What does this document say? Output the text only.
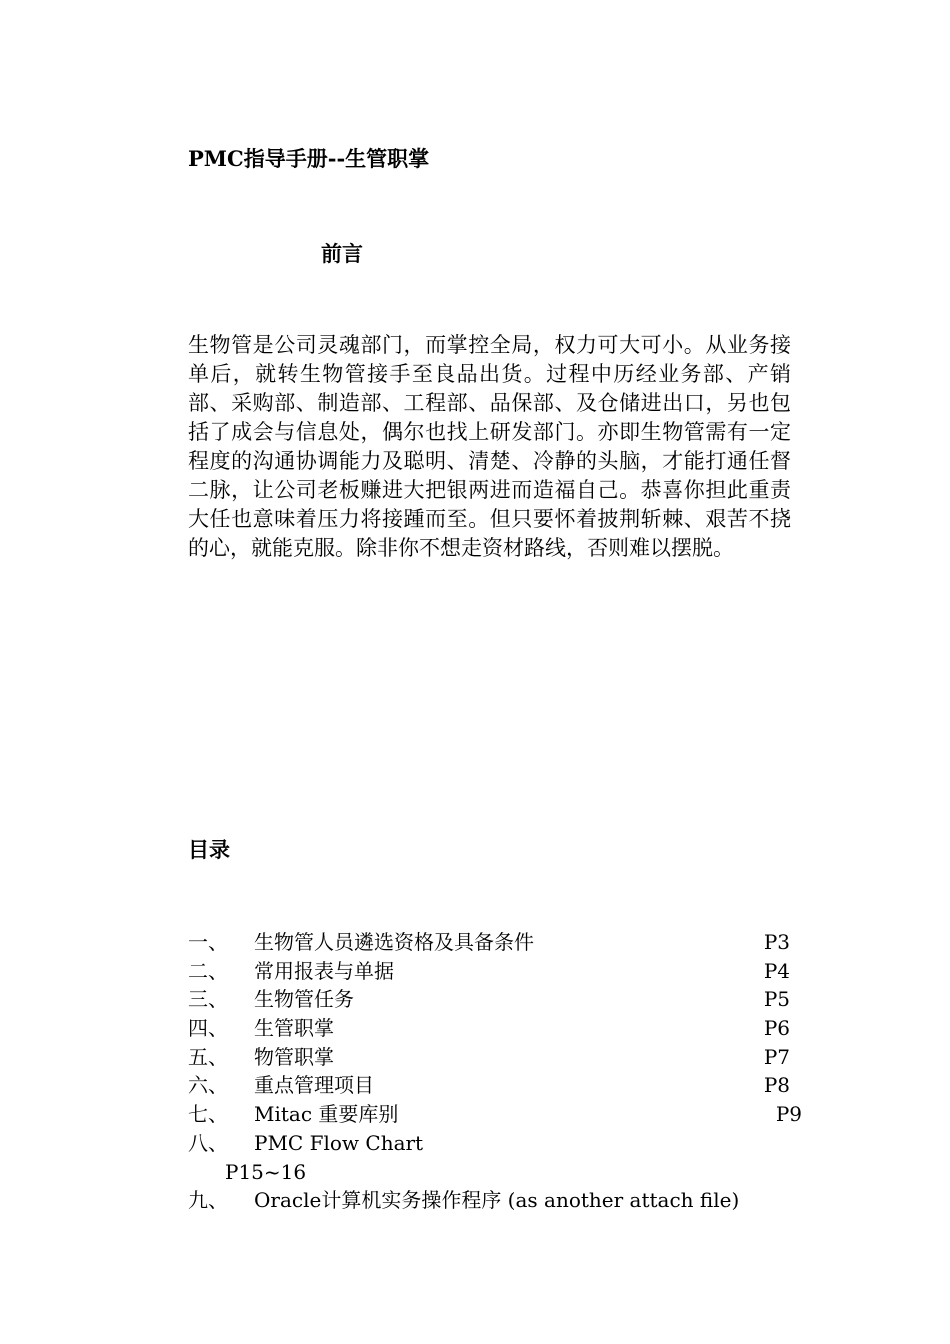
PMC指导手册--生管职掌
前言

生物管是公司灵魂部门，而掌控全局，权力可大可小。从业务接单后，就转生物管接手至良品出货。过程中历经业务部、产销部、采购部、制造部、工程部、品保部、及仓储进出口，另也包括了成会与信息处，偶尔也找上研发部门。亦即生物管需有一定程度的沟通协调能力及聪明、清楚、冷静的头脑，才能打通任督二脉，让公司老板赚进大把银两进而造福自己。恭喜你担此重责大任也意味着压力将接踵而至。但只要怀着披荆斩棘、艰苦不挠的心，就能克服。除非你不想走资材路线，否则难以摆脱。

目录
一、 生物管人员遴选资格及具备条件	P3
二、 常用报表与单据	P4
三、 生物管任务	P5
四、 生管职掌	P6
五、 物管职掌	P7
六、 重点管理项目	P8
七、 Mitac 重要库别	P9
八、 PMC Flow Chart
P15~16
九、 Oracle计算机实务操作程序 (as another attach file)
